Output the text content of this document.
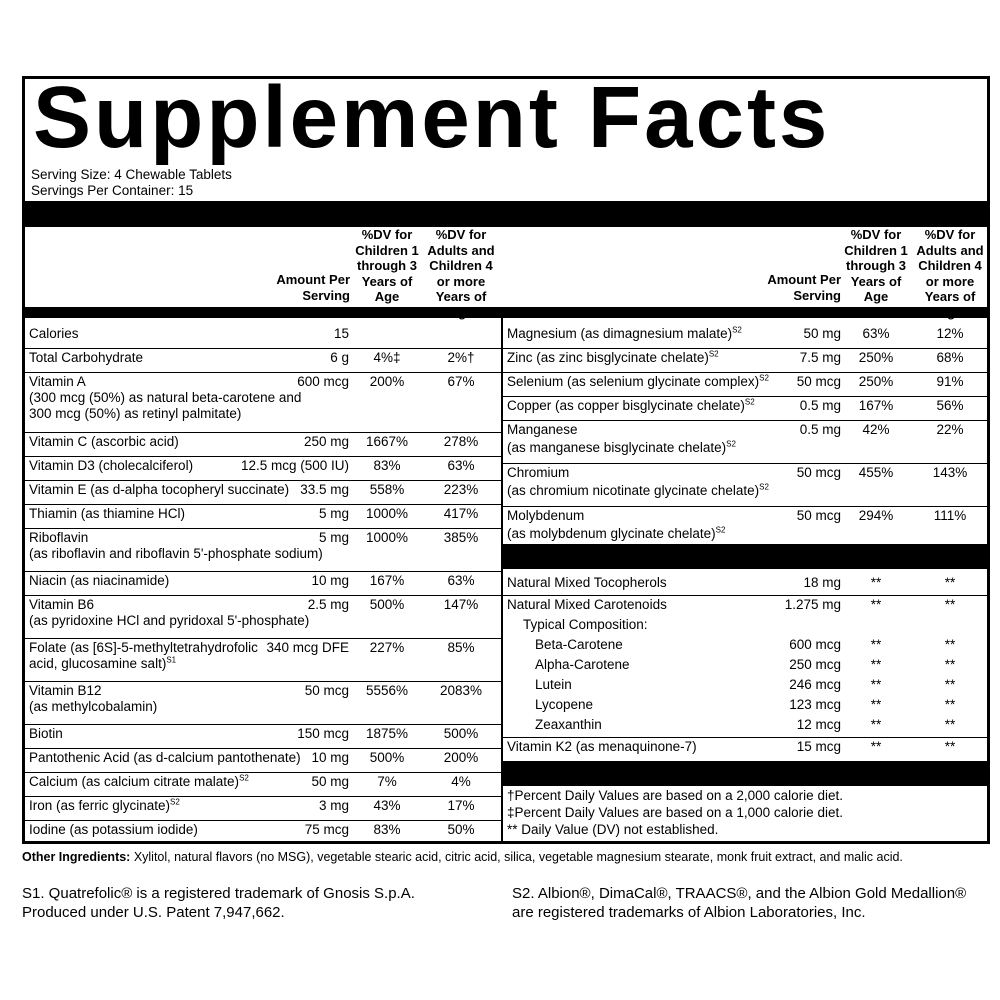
Supplement Facts
Serving Size: 4 Chewable Tablets
Servings Per Container: 15
Amount Per Serving
%DV for Children 1 through 3 Years of Age
%DV for Adults and Children 4 or more Years of
Amount Per Serving
%DV for Children 1 through 3 Years of Age
%DV for Adults and Children 4 or more Years of
Calories	15
Total Carbohydrate	6 g	4%‡	2%†
Vitamin A
(300 mcg (50%) as natural beta-carotene and 300 mcg (50%) as retinyl palmitate)
600 mcg	200%	67%
Vitamin C (ascorbic acid)	250 mg	1667%	278%
Vitamin D3 (cholecalciferol)	12.5 mcg (500 IU)	83%	63%
Vitamin E (as d-alpha tocopheryl succinate) 33.5 mg	558%	223%
Thiamin (as thiamine HCl)	5 mg	1000%	417%
Riboflavin
(as riboflavin and riboflavin 5'-phosphate sodium)
5 mg	1000%	385%
Niacin (as niacinamide)	10 mg	167%	63%
Vitamin B6
(as pyridoxine HCl and pyridoxal 5'-phosphate)
2.5 mg	500%	147%
Folate (as [6S]-5-methyltetrahydrofolic
acid, glucosamine salt)$^{S1}$
340 mcg DFE	227%	85%
Vitamin B12
(as methylcobalamin)
50 mcg	5556%	2083%
Biotin	150 mcg	1875%	500%
Pantothenic Acid (as d-calcium pantothenate) 10 mg	500%	200%
Calcium (as calcium citrate malate)$^{S2}$	50 mg	7%	4%
Iron (as ferric glycinate)$^{S2}$	3 mg	43%	17%
Iodine (as potassium iodide)	75 mcg	83%	50%
Magnesium (as dimagnesium malate)$^{S2}$	50 mg	63%	12%
Zinc (as zinc bisglycinate chelate)$^{S2}$	7.5 mg	250%	68%
Selenium (as selenium glycinate complex)$^{S2}$	50 mcg	250%	91%
Copper (as copper bisglycinate chelate)$^{S2}$	0.5 mg	167%	56%
Manganese
(as manganese bisglycinate chelate)$^{S2}$
0.5 mg	42%	22%
Chromium
(as chromium nicotinate glycinate chelate)$^{S2}$
50 mcg	455%	143%
Molybdenum
(as molybdenum glycinate chelate)$^{S2}$
50 mcg	294%	111%
Natural Mixed Tocopherols	18 mg	**	**
Natural Mixed Carotenoids	1.275 mg	**	**
Typical Composition:
Beta-Carotene	600 mcg	**	**
Alpha-Carotene	250 mcg	**	**
Lutein	246 mcg	**	**
Lycopene	123 mcg	**	**
Zeaxanthin	12 mcg	**	**
Vitamin K2 (as menaquinone-7)	15 mcg	**	**
†Percent Daily Values are based on a 2,000 calorie diet.
‡Percent Daily Values are based on a 1,000 calorie diet.
** Daily Value (DV) not established.
Other Ingredients: Xylitol, natural flavors (no MSG), vegetable stearic acid, citric acid, silica, vegetable magnesium stearate, monk fruit extract, and malic acid.
S1. Quatrefolic® is a registered trademark of Gnosis S.p.A.
Produced under U.S. Patent 7,947,662.
S2. Albion®, DimaCal®, TRAACS®, and the Albion Gold Medallion®
are registered trademarks of Albion Laboratories, Inc.
